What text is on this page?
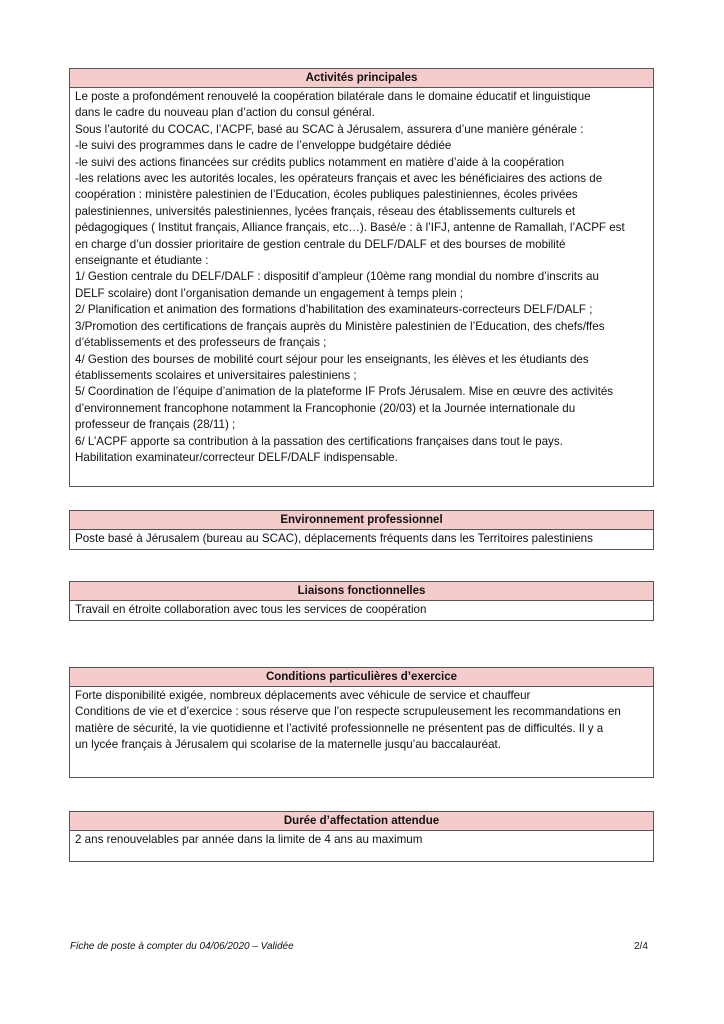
Activités principales
Le poste a profondément renouvelé la coopération bilatérale dans le domaine éducatif et linguistique
dans le cadre du nouveau plan d’action du consul général.
Sous l’autorité du COCAC, l’ACPF, basé au SCAC à Jérusalem, assurera d’une manière générale :
-le suivi des programmes dans le cadre de l’enveloppe budgétaire dédiée
-le suivi des actions financées sur crédits publics notamment en matière d’aide à la coopération
-les relations avec les autorités locales, les opérateurs français et avec les bénéficiaires des actions de
coopération : ministère palestinien de l’Education, écoles publiques palestiniennes, écoles privées
palestiniennes, universités palestiniennes, lycées français, réseau des établissements culturels et
pédagogiques ( Institut français, Alliance français, etc…). Basé/e : à l’IFJ, antenne de Ramallah, l’ACPF est
en charge d’un dossier prioritaire de gestion centrale du DELF/DALF et des bourses de mobilité
enseignante et étudiante :
1/ Gestion centrale du DELF/DALF : dispositif d’ampleur (10ème rang mondial du nombre d’inscrits au
DELF scolaire) dont l’organisation demande un engagement à temps plein ;
2/ Planification et animation des formations d’habilitation des examinateurs-correcteurs DELF/DALF ;
3/Promotion des certifications de français auprès du Ministère palestinien de l’Education, des chefs/ffes
d’établissements et des professeurs de français ;
4/ Gestion des bourses de mobilité court séjour pour les enseignants, les élèves et les étudiants des
établissements scolaires et universitaires palestiniens ;
5/ Coordination de l’équipe d’animation de la plateforme IF Profs Jérusalem. Mise en œuvre des activités
d’environnement francophone notamment la Francophonie (20/03) et la Journée internationale du
professeur de français (28/11) ;
6/ L’ACPF apporte sa contribution à la passation des certifications françaises dans tout le pays.
Habilitation examinateur/correcteur DELF/DALF indispensable.
Environnement professionnel
Poste basé à Jérusalem (bureau au SCAC), déplacements fréquents dans les Territoires palestiniens
Liaisons fonctionnelles
Travail en étroite collaboration avec tous les services de coopération
Conditions particulières d’exercice
Forte disponibilité exigée, nombreux déplacements avec véhicule de service et chauffeur
Conditions de vie et d’exercice : sous réserve que l’on respecte scrupuleusement les recommandations en
matière de sécurité, la vie quotidienne et l’activité professionnelle ne présentent pas de difficultés. Il y a
un lycée français à Jérusalem qui scolarise de la maternelle jusqu’au baccalauréat.
Durée d’affectation attendue
2 ans renouvelables par année dans la limite de 4 ans au maximum
Fiche de poste à compter du 04/06/2020 – Validée	2/4
